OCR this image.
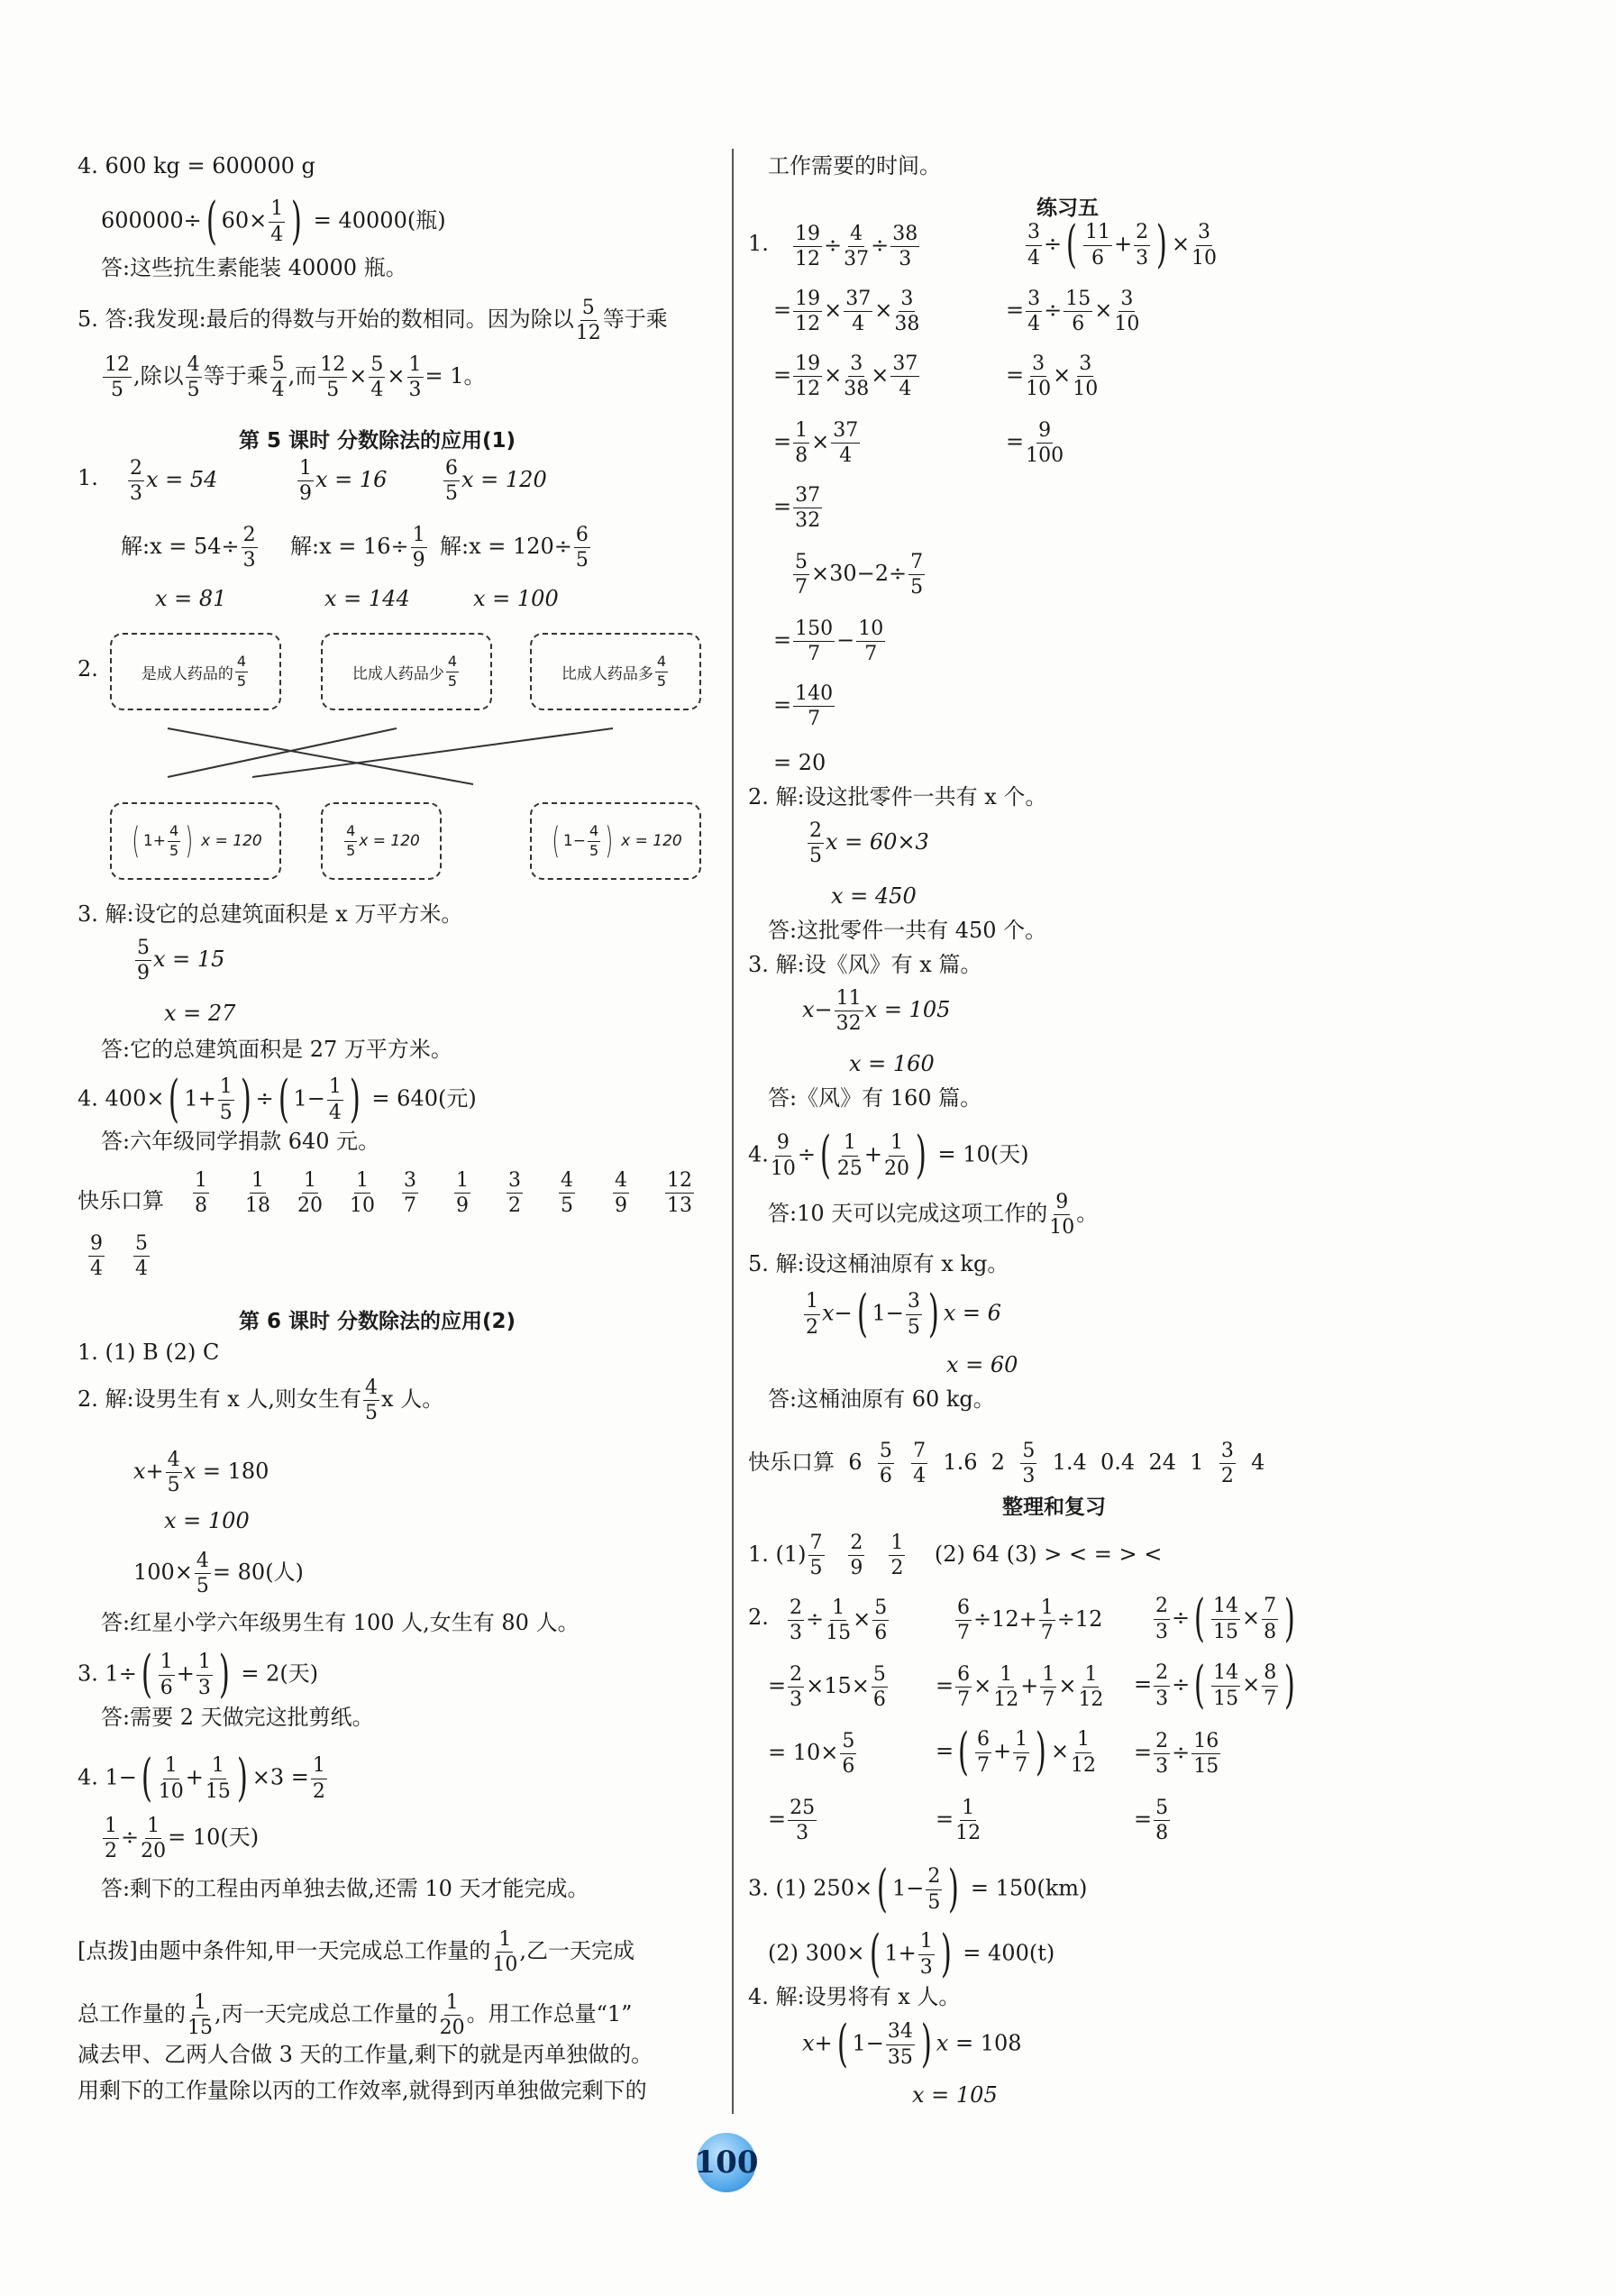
4. 600 kg = 600000 g
600000÷( $60\times \frac{1}{4}$ ) = 40000(瓶)
答:这些抗生素能装 40000 瓶。
5. 答:我发现:最后的得数与开始的数相同。因为除以 $\frac{5}{12}$ 等于乘
$\frac{12}{5}$ ,除以 $\frac{4}{5}$ 等于乘 $\frac{5}{4}$ ,而 $\frac{12}{5} \times \frac{5}{4} \times \frac{1}{3} = 1$。
第 5 课时 分数除法的应用(1)
1. $\frac{2}{3}$ x = 54	$\frac{1}{9}$ x = 16	$\frac{6}{5}$ x = 120
解:x = $54\div \frac{2}{3}$ 解:x = $16\div \frac{1}{9}$ 解:x = $120\div \frac{6}{5}$
x = 81	x = 144	x = 100
2.	是成人药品的
4
5	比成人药品少
4
5	比成人药品多
4
5
( 1 +
4
5 )
x = 120
4
5 x = 120	( 1 −
4
5 )
x = 120
3. 解:设它的总建筑面积是 x 万平方米。
$\frac{5}{9}$ x = 15
x = 27
答:它的总建筑面积是 27 万平方米。
4. 400×( $1+ \frac{1}{5}$ ) ÷( $1- \frac{1}{4}$ ) = 640(元)
答:六年级同学捐款 640 元。
快乐口算 $\frac{1}{8} \frac{1}{18} \frac{1}{20} \frac{1}{10} \frac{3}{7} \frac{1}{9} \frac{3}{2} \frac{4}{5} \frac{4}{9} \frac{12}{13}$
$\frac{9}{4} \frac{5}{4}$
第 6 课时 分数除法的应用(2)
1. (1) B (2) C
2. 解:设男生有 x 人,则女生有 $\frac{4}{5}$ x 人。
$x+ \frac{4}{5}$ x = 180
x = 100
$100\times \frac{4}{5} = 80$(人)
答:红星小学六年级男生有 100 人,女生有 80 人。
3. $1\div( \frac{1}{6} + \frac{1}{3}$ ) = 2(天)
答:需要 2 天做完这批剪纸。
4. $1-( \frac{1}{10} + \frac{1}{15}$ ) $\times 3 = \frac{1}{2}$
$\frac{1}{2} \div \frac{1}{20} = 10$(天)
答:剩下的工程由丙单独去做,还需 10 天才能完成。
[点拨]由题中条件知,甲一天完成总工作量的 $\frac{1}{10}$ ,乙一天完成
总工作量的 $\frac{1}{15}$ ,丙一天完成总工作量的 $\frac{1}{20}$ 。用工作总量“1”
减去甲、乙两人合做 3 天的工作量,剩下的就是丙单独做的。
用剩下的工作量除以丙的工作效率,就得到丙单独做完剩下的
工作需要的时间。
练习五
1. $\frac{19}{12} \div \frac{4}{37} \div \frac{38}{3}$
= $\frac{19}{12} \times \frac{37}{4} \times \frac{3}{38}$
= $\frac{19}{12} \times \frac{3}{38} \times \frac{37}{4}$
= $\frac{1}{8} \times \frac{37}{4}$
= $\frac{37}{32}$
$\frac{5}{7} \times 30-2\div \frac{7}{5}$
= $\frac{150}{7} - \frac{10}{7}$
= $\frac{140}{7}$
= 20
$\frac{3}{4}$ ÷( $\frac{11}{6} + \frac{2}{3}$ ) × $\frac{3}{10}$
= $\frac{3}{4} \div \frac{15}{6} \times \frac{3}{10}$
= $\frac{3}{10} \times \frac{3}{10}$
= $\frac{9}{100}$
2. 解:设这批零件一共有 x 个。
$\frac{2}{5}$ x = 60×3
x = 450
答:这批零件一共有 450 个。
3. 解:设《风》有 x 篇。
$x- \frac{11}{32}$ x = 105
x = 160
答:《风》有 160 篇。
4. $\frac{9}{10}$ ÷( $\frac{1}{25} + \frac{1}{20}$ ) = 10(天)
答:10 天可以完成这项工作的 $\frac{9}{10}$ 。
5. 解:设这桶油原有 x kg。
$\frac{1}{2} x-$( $1- \frac{3}{5}$ ) x = 6
x = 60
答:这桶油原有 60 kg。
快乐口算 $6 \frac{5}{6}$
$\frac{7}{4} 1.6$ $2 \frac{5}{3} 1.4$ 0.4 24 $1 \frac{3}{2} 4$
整理和复习
1. $(1) \frac{7}{5}$
$\frac{2}{9}$
$\frac{1}{2} (2)$ 64 (3) > < = > <
2. $\frac{2}{3} \div \frac{1}{15} \times \frac{5}{6}$
= $\frac{2}{3} \times 15\times \frac{5}{6}$
= $10\times \frac{5}{6}$
= $\frac{25}{3}$
$\frac{6}{7} \div 12+ \frac{1}{7} \div 12$
= $\frac{6}{7} \times \frac{1}{12} + \frac{1}{7} \times \frac{1}{12}$
=( $\frac{6}{7} + \frac{1}{7}$ ) × $\frac{1}{12}$
= $\frac{1}{12}$
$\frac{2}{3}$ ÷( $\frac{14}{15} \times \frac{7}{8}$ )
= $\frac{2}{3}$ ÷( $\frac{14}{15} \times \frac{8}{7}$ )
= $\frac{2}{3} \div \frac{16}{15}$
= $\frac{5}{8}$
3. (1) 250×( $1- \frac{2}{5}$ ) = 150(km)
(2) 300×( $1+ \frac{1}{3}$ ) = 400(t)
4. 解:设男将有 x 人。
x+( $1- \frac{34}{35}$ ) x = 108
x = 105
100
